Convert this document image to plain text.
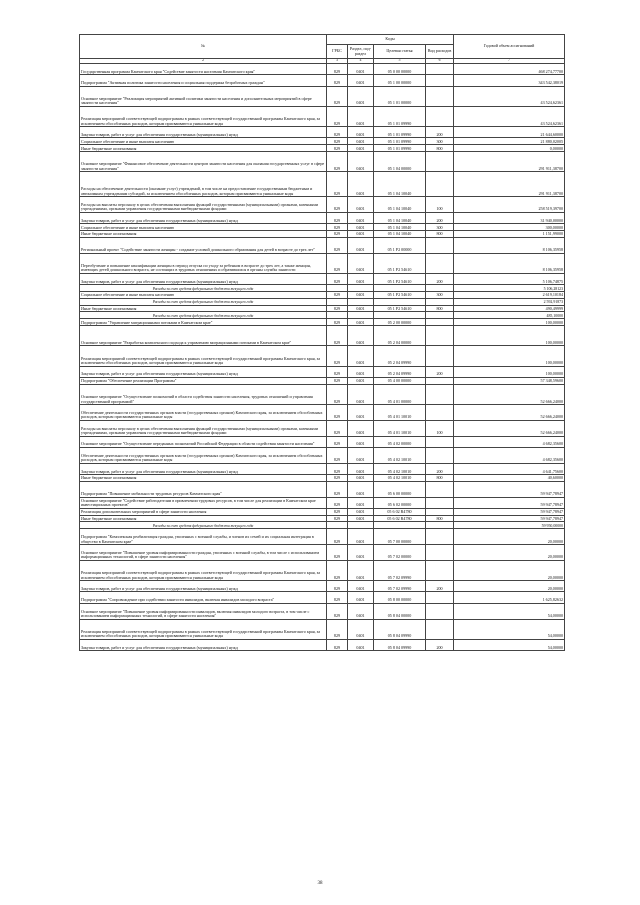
№	Коды				Годовой объем ассигнований
	ГРБС	Раздел, под-раздел	Целевая статья	Вид расходов	
2	3	4	5	6	7
Государственная программа Камчатского края "Содействие занятости населения Камчатского края"	829	0401	05 0 00 00000		468 274,77700
Подпрограмма "Активная политика занятости населения и социальная поддержка безработных граждан"	829	0401	05 1 00 00000		343 542,38019
Основное мероприятие "Реализация мероприятий активной политики занятости населения и дополнительных мероприятий в сфере занятости населения"	829	0401	05 1 01 00000		43 524,62361
Реализация мероприятий соответствующей подпрограммы в рамках соответствующей государственной программы Камчатского края, за исключением обособленных расходов, которым присваиваются уникальные коды	829	0401	05 1 01 09990		43 524,62361
Закупка товаров, работ и услуг для обеспечения государственных (муниципальных) нужд	829	0401	05 1 01 09990	200	21 644,60000
Социальное обеспечение и иные выплаты населению	829	0401	05 1 01 09990	300	21 880,02005
Иные бюджетные ассигнования	829	0401	05 1 01 09990	800	0,00000
Основное мероприятие "Финансовое обеспечение деятельности центров занятости населения для оказания государственных услуг в сфере занятости населения"	829	0401	05 1 04 00000		291 911,38700
Расходы на обеспечение деятельности (оказание услуг) учреждений, в том числе на предоставление государственным бюджетным и автономным учреждениям субсидий, за исключением обособленных расходов, которым присваиваются уникальные коды	829	0401	05 1 04 10040		291 911,38700
Расходы на выплаты персоналу в целях обеспечения выполнения функций государственными (муниципальными) органами, казенными учреждениями, органами управления государственными внебюджетными фондами	829	0401	05 1 04 10040	100	258 519,39700
Закупка товаров, работ и услуг для обеспечения государственных (муниципальных) нужд	829	0401	05 1 04 10040	200	31 940,00000
Социальное обеспечение и иные выплаты населению	829	0401	05 1 04 10040	300	300,00000
Иные бюджетные ассигнования	829	0401	05 1 04 10040	800	1 151,99000
Региональный проект "Содействие занятости женщин - создание условий дошкольного образования для детей в возрасте до трех лет"	829	0401	05 1 P2 00000		8 106,35958
Переобучение и повышение квалификации женщин в период отпуска по уходу за ребенком в возрасте до трех лет, а также женщин, имеющих детей дошкольного возраста, не состоящих в трудовых отношениях и обратившихся в органы службы занятости	829	0401	05 1 P2 54610		8 106,35958
Закупка товаров, работ и услуг для обеспечения государственных (муниципальных) нужд	829	0401	05 1 P2 54610	200	5 106,74875
Расходы за счет средств федерального бюджета текущего года					5 106,28123
Социальное обеспечение и иные выплаты населению	829	0401	05 1 P2 54610	300	2 619,10184
Расходы за счет средств федерального бюджета текущего года					2 592,91873
Иные бюджетные ассигнования	829	0401	05 1 P2 54610	800	490,49999
Расходы за счет средств федерального бюджета текущего года					485,10000
Подпрограмма "Управление миграционными потоками в Камчатском крае"	829	0401	05 2 00 00000		100,00000
Основное мероприятие "Разработка комплексного подхода к управлению миграционными потоками в Камчатском крае"	829	0401	05 2 04 00000		100,00000
Реализация мероприятий соответствующей подпрограммы в рамках соответствующей государственной программы Камчатского края, за исключением обособленных расходов, которым присваиваются уникальные коды	829	0401	05 2 04 09990		100,00000
Закупка товаров, работ и услуг для обеспечения государственных (муниципальных) нужд	829	0401	05 2 04 09990	200	100,00000
Подпрограмма "Обеспечение реализации Программы"	829	0401	05 4 00 00000		57 348,59600
Основное мероприятие "Осуществление полномочий в области содействия занятости населения, трудовых отношений и управления государственной программой"	829	0401	05 4 01 00000		52 666,24000
Обеспечение деятельности государственных органов власти (государственных органов) Камчатского края, за исключением обособленных расходов, которым присваиваются уникальные коды	829	0401	05 4 01 10010		52 666,24000
Расходы на выплаты персоналу в целях обеспечения выполнения функций государственными (муниципальными) органами, казенными учреждениями, органами управления государственными внебюджетными фондами	829	0401	05 4 01 10010	100	52 666,24000
Основное мероприятие "Осуществление переданных полномочий Российской Федерации в области содействия занятости населения"	829	0401	05 4 02 00000		4 682,35600
Обеспечение деятельности государственных органов власти (государственных органов) Камчатского края, за исключением обособленных расходов, которым присваиваются уникальные коды	829	0401	05 4 02 10010		4 682,35600
Закупка товаров, работ и услуг для обеспечения государственных (муниципальных) нужд	829	0401	05 4 02 10010	200	4 641,75600
Иные бюджетные ассигнования	829	0401	05 4 02 10010	800	40,60000
Подпрограмма "Повышение мобильности трудовых ресурсов Камчатского края"	829	0401	05 6 00 00000		59 947,78947
Основное мероприятие "Содействие работодателям в привлечении трудовых ресурсов, в том числе для реализации в Камчатском крае инвестиционных проектов"	829	0401	05 6 02 00000		59 947,78947
Реализация дополнительных мероприятий в сфере занятости населения	829	0401	05 6 02 R4780		59 947,78947
Иные бюджетные ассигнования	829	0401	05 6 02 R4780	800	59 947,78947
Расходы за счет средств федерального бюджета текущего года					59 950,00000
Подпрограмма "Комплексная реабилитация граждан, уволенных с военной службы, и членов их семей и их социальная интеграция в общество в Камчатском крае"	829	0401	05 7 00 00000		20,00000
Основное мероприятие "Повышение уровня информированности граждан, уволенных с военной службы, в том числе с использованием информационных технологий, в сфере занятости населения"	829	0401	05 7 02 00000		20,00000
Реализация мероприятий соответствующей подпрограммы в рамках соответствующей государственной программы Камчатского края, за исключением обособленных расходов, которым присваиваются уникальные коды	829	0401	05 7 02 09990		20,00000
Закупка товаров, работ и услуг для обеспечения государственных (муниципальных) нужд	829	0401	05 7 02 09990	200	20,00000
Подпрограмма "Сопровождение при содействии занятости инвалидов, включая инвалидов молодого возраста"	829	0401	05 8 00 00000		1 625,82632
Основное мероприятие "Повышение уровня информированности инвалидов, включая инвалидов молодого возраста, в том числе с использованием информационных технологий, в сфере занятости населения"	829	0401	05 8 04 00000		54,00000
Реализация мероприятий соответствующей подпрограммы в рамках соответствующей государственной программы Камчатского края, за исключением обособленных расходов, которым присваиваются уникальные коды	829	0401	05 8 04 09990		54,00000
Закупка товаров, работ и услуг для обеспечения государственных (муниципальных) нужд	829	0401	05 8 04 09990	200	54,00000
38
